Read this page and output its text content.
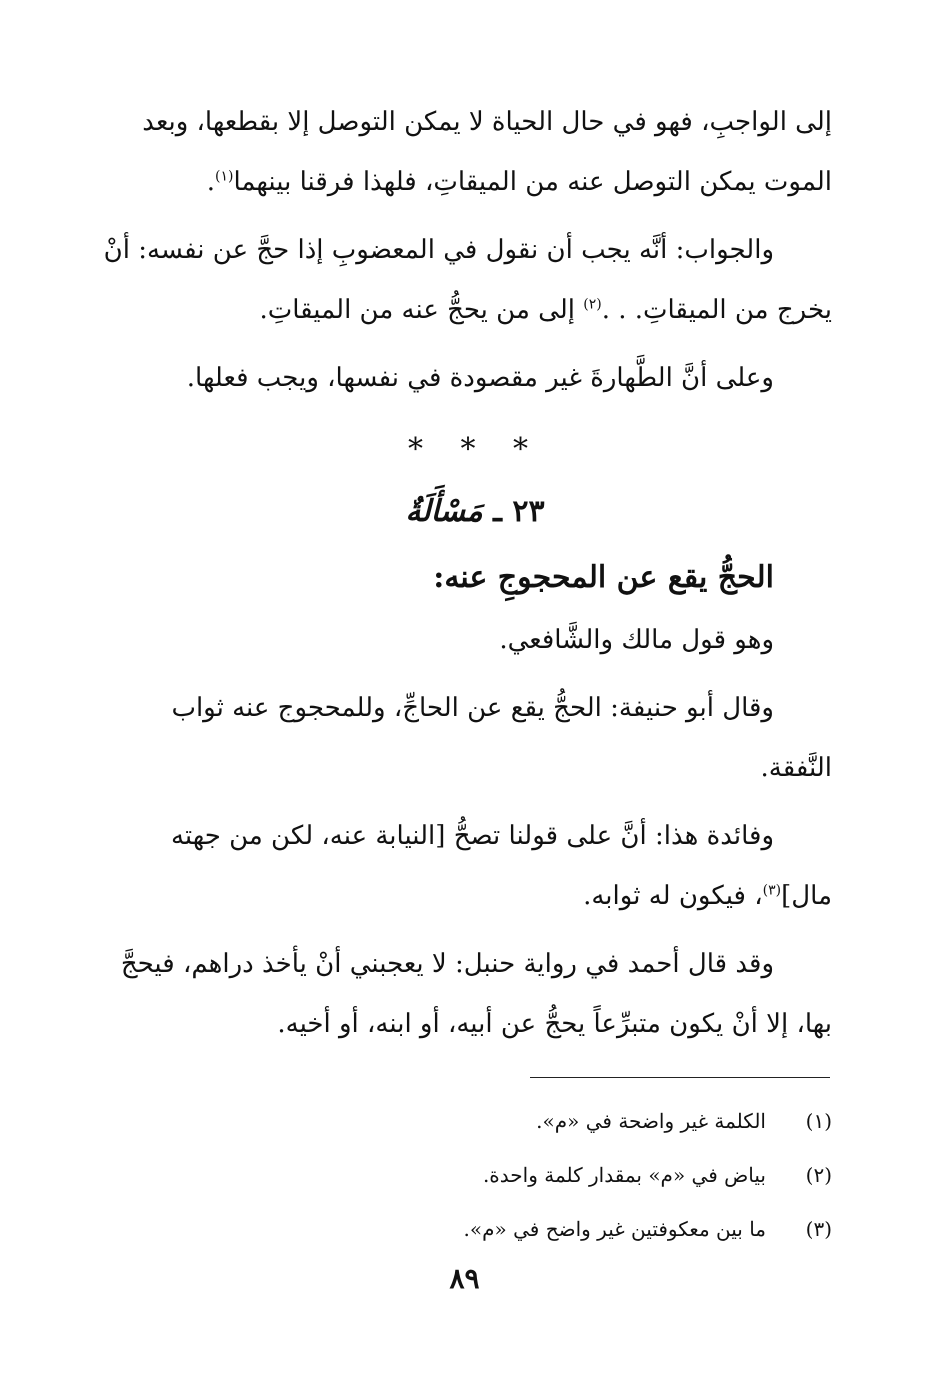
إلى الواجبِ، فهو في حال الحياة لا يمكن التوصل إلا بقطعها، وبعد
الموت يمكن التوصل عنه من الميقاتِ، فلهذا فرقنا بينهما$^{(١)}$.

والجواب: أنَّه يجب أن نقول في المعضوبِ إذا حجَّ عن نفسه: أنْ
يخرج من الميقاتِ. . .$^{(٢)}$ إلى من يحجُّ عنه من الميقاتِ.

وعلى أنَّ الطَّهارةَ غير مقصودة في نفسها، ويجب فعلها.

* * *
٢٣ ـ مَسْأَلَةٌ

الحجُّ يقع عن المحجوجِ عنه:

وهو قول مالك والشَّافعي.

وقال أبو حنيفة: الحجُّ يقع عن الحاجِّ، وللمحجوج عنه ثواب
النَّفقة.

وفائدة هذا: أنَّ على قولنا تصحُّ [النيابة عنه، لكن من جهته
مال]$^{(٣)}$، فيكون له ثوابه.

وقد قال أحمد في رواية حنبل: لا يعجبني أنْ يأخذ دراهم، فيحجَّ
بها، إلا أنْ يكون متبرِّعاً يحجُّ عن أبيه، أو ابنه، أو أخيه.

(١)
الكلمة غير واضحة في «م».
(٢)
بياض في «م» بمقدار كلمة واحدة.
(٣)
ما بين معكوفتين غير واضح في «م».
٨٩
